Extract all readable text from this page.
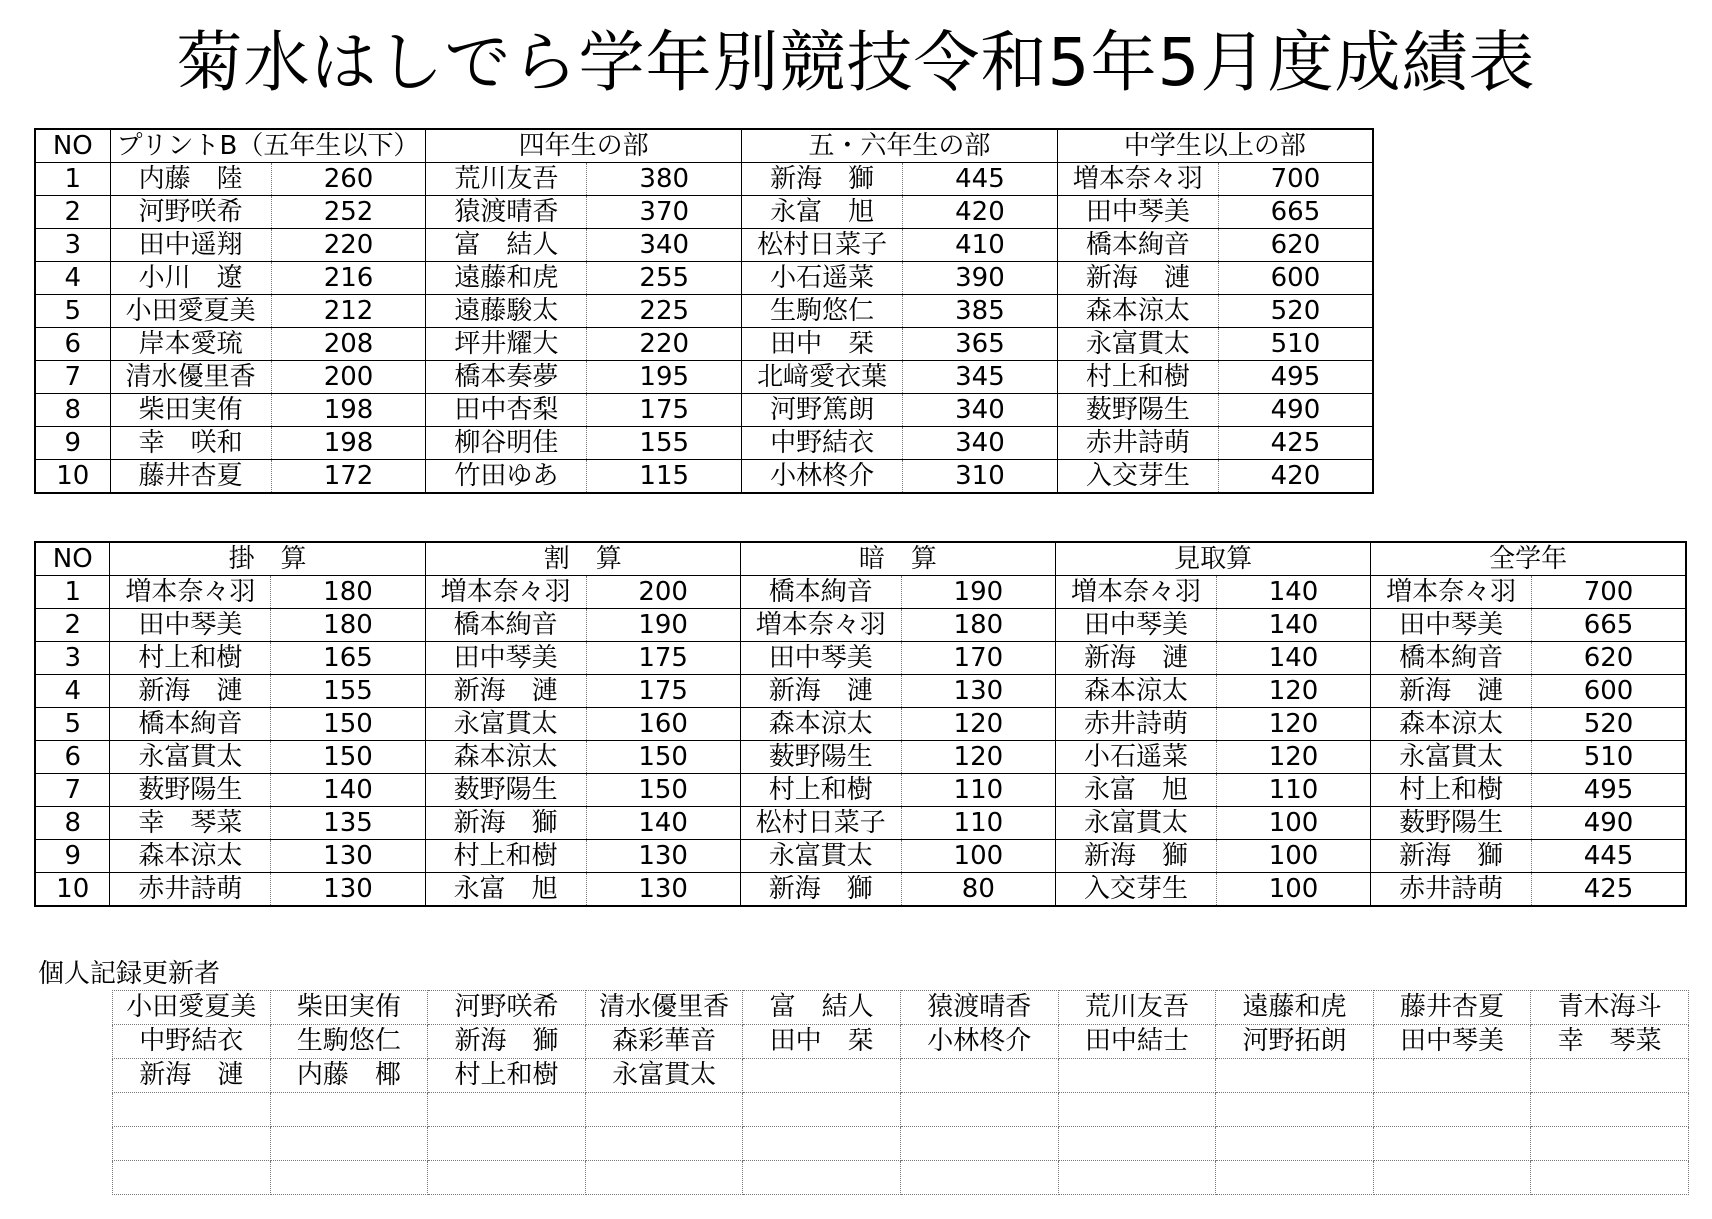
菊水はしでら学年別競技令和5年5月度成績表
NO	プリントB（五年生以下）		四年生の部		五・六年生の部		中学生以上の部	
1	内藤　陸	260	荒川友吾	380	新海　獅	445	増本奈々羽	700
2	河野咲希	252	猿渡晴香	370	永富　旭	420	田中琴美	665
3	田中遥翔	220	富　結人	340	松村日菜子	410	橋本絢音	620
4	小川　遼	216	遠藤和虎	255	小石遥菜	390	新海　漣	600
5	小田愛夏美	212	遠藤駿太	225	生駒悠仁	385	森本涼太	520
6	岸本愛琉	208	坪井耀大	220	田中　栞	365	永富貫太	510
7	清水優里香	200	橋本奏夢	195	北﨑愛衣葉	345	村上和樹	495
8	柴田実侑	198	田中杏梨	175	河野篤朗	340	薮野陽生	490
9	幸　咲和	198	柳谷明佳	155	中野結衣	340	赤井詩萌	425
10	藤井杏夏	172	竹田ゆあ	115	小林柊介	310	入交芽生	420
NO	掛　算		割　算		暗　算		見取算		全学年	
1	増本奈々羽	180	増本奈々羽	200	橋本絢音	190	増本奈々羽	140	増本奈々羽	700
2	田中琴美	180	橋本絢音	190	増本奈々羽	180	田中琴美	140	田中琴美	665
3	村上和樹	165	田中琴美	175	田中琴美	170	新海　漣	140	橋本絢音	620
4	新海　漣	155	新海　漣	175	新海　漣	130	森本涼太	120	新海　漣	600
5	橋本絢音	150	永富貫太	160	森本涼太	120	赤井詩萌	120	森本涼太	520
6	永富貫太	150	森本涼太	150	薮野陽生	120	小石遥菜	120	永富貫太	510
7	薮野陽生	140	薮野陽生	150	村上和樹	110	永富　旭	110	村上和樹	495
8	幸　琴菜	135	新海　獅	140	松村日菜子	110	永富貫太	100	薮野陽生	490
9	森本涼太	130	村上和樹	130	永富貫太	100	新海　獅	100	新海　獅	445
10	赤井詩萌	130	永富　旭	130	新海　獅	80	入交芽生	100	赤井詩萌	425
個人記録更新者
小田愛夏美	柴田実侑	河野咲希	清水優里香	富　結人	猿渡晴香	荒川友吾	遠藤和虎	藤井杏夏	青木海斗
中野結衣	生駒悠仁	新海　獅	森彩華音	田中　栞	小林柊介	田中結士	河野拓朗	田中琴美	幸　琴菜
新海　漣	内藤　椰	村上和樹	永富貫太						
